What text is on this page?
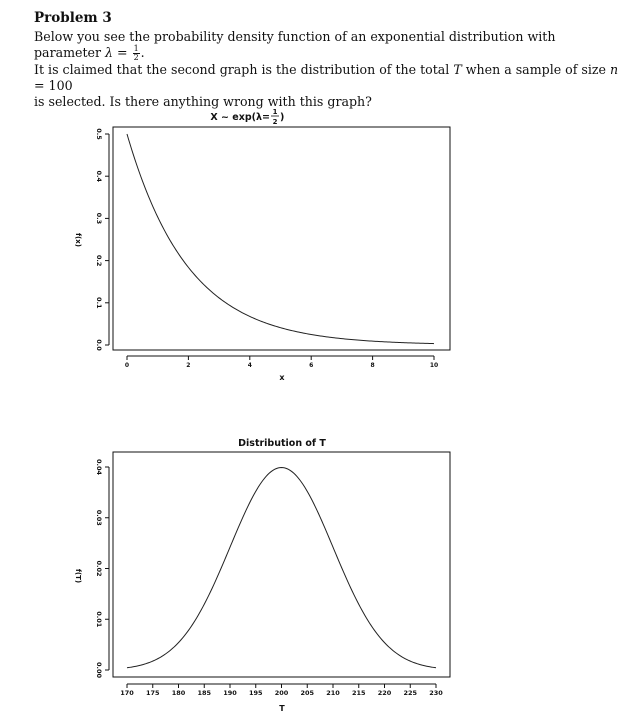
Problem 3
Below you see the probability density function of an exponential distribution with parameter $\lambda = \frac{1}{2}$ .
It is claimed that the second graph is the distribution of the total T when a sample of size n = 100
is selected. Is there anything wrong with this graph?
X ~ exp(λ= 1
2 )
0	2	4	6	8	10
0.0
0.1
0.2
0.3
0.4
0.5
x
f(x)
Distribution of T
170 175 180 185 190 195 200 205 210 215 220 225 230
0.00
0.01
0.02
0.03
0.04
T
f(T)
